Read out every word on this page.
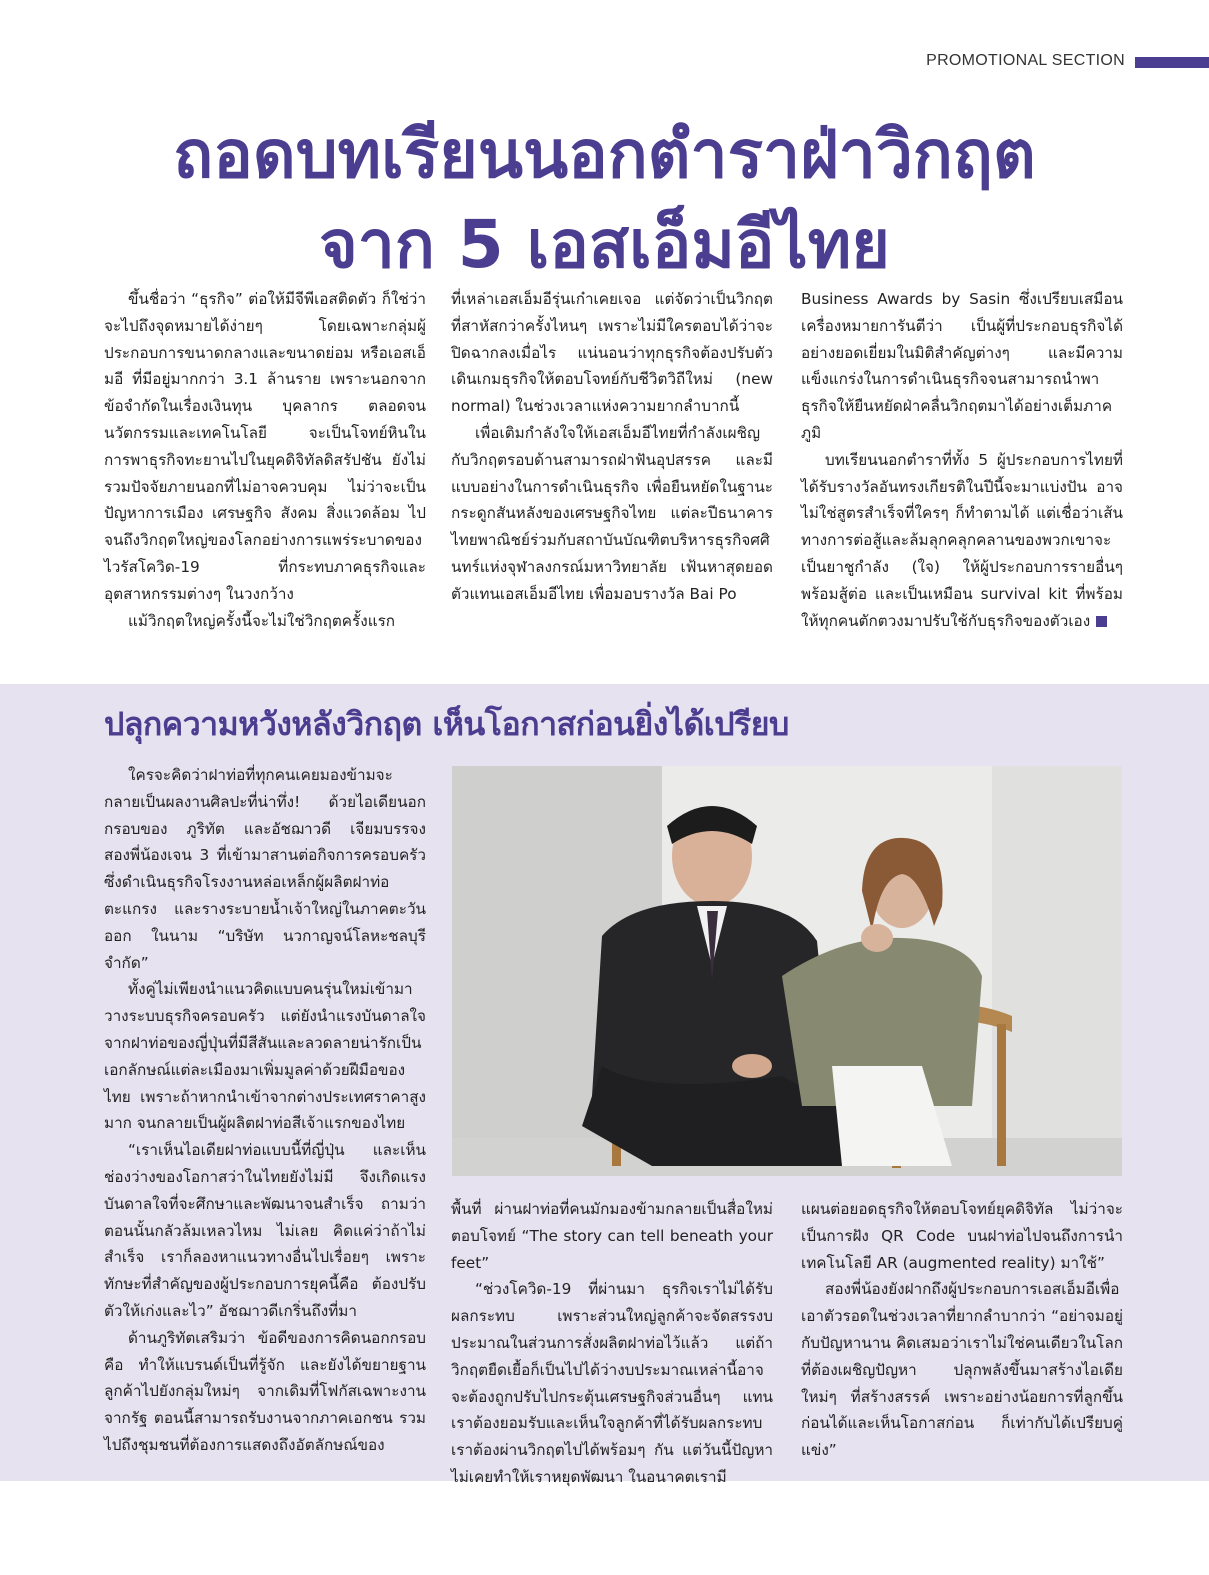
PROMOTIONAL SECTION
ถอดบทเรียนนอกตำราฝ่าวิกฤต
จาก 5 เอสเอ็มอีไทย

ขึ้นชื่อว่า “ธุรกิจ” ต่อให้มีจีพีเอสติดตัว ก็ใช่ว่าจะไปถึงจุดหมายได้ง่ายๆ โดยเฉพาะกลุ่มผู้ประกอบการขนาดกลางและขนาดย่อม หรือเอสเอ็มอี ที่มีอยู่มากกว่า 3.1 ล้านราย เพราะนอกจากข้อจำกัดในเรื่องเงินทุน บุคลากร ตลอดจนนวัตกรรมและเทคโนโลยี จะเป็นโจทย์หินในการพาธุรกิจทะยานไปในยุคดิจิทัลดิสรัปชัน ยังไม่รวมปัจจัยภายนอกที่ไม่อาจควบคุม ไม่ว่าจะเป็นปัญหาการเมือง เศรษฐกิจ สังคม สิ่งแวดล้อม ไปจนถึงวิกฤตใหญ่ของโลกอย่างการแพร่ระบาดของไวรัสโควิด-19 ที่กระทบภาคธุรกิจและอุตสาหกรรมต่างๆ ในวงกว้าง

แม้วิกฤตใหญ่ครั้งนี้จะไม่ใช่วิกฤตครั้งแรก

ที่เหล่าเอสเอ็มอีรุ่นเก๋าเคยเจอ แต่จัดว่าเป็นวิกฤตที่สาหัสกว่าครั้งไหนๆ เพราะไม่มีใครตอบได้ว่าจะปิดฉากลงเมื่อไร แน่นอนว่าทุกธุรกิจต้องปรับตัวเดินเกมธุรกิจให้ตอบโจทย์กับชีวิตวิถีใหม่ (new normal) ในช่วงเวลาแห่งความยากลำบากนี้

เพื่อเติมกำลังใจให้เอสเอ็มอีไทยที่กำลังเผชิญกับวิกฤตรอบด้านสามารถฝ่าฟันอุปสรรค และมีแบบอย่างในการดำเนินธุรกิจ เพื่อยืนหยัดในฐานะกระดูกสันหลังของเศรษฐกิจไทย แต่ละปีธนาคารไทยพาณิชย์ร่วมกับสถาบันบัณฑิตบริหารธุรกิจศศินทร์แห่งจุฬาลงกรณ์มหาวิทยาลัย เฟ้นหาสุดยอดตัวแทนเอสเอ็มอีไทย เพื่อมอบรางวัล Bai Po

Business Awards by Sasin ซึ่งเปรียบเสมือนเครื่องหมายการันตีว่า เป็นผู้ที่ประกอบธุรกิจได้อย่างยอดเยี่ยมในมิติสำคัญต่างๆ และมีความแข็งแกร่งในการดำเนินธุรกิจจนสามารถนำพาธุรกิจให้ยืนหยัดฝ่าคลื่นวิกฤตมาได้อย่างเต็มภาคภูมิ

บทเรียนนอกตำราที่ทั้ง 5 ผู้ประกอบการไทยที่ได้รับรางวัลอันทรงเกียรติในปีนี้จะมาแบ่งปัน อาจไม่ใช่สูตรสำเร็จที่ใครๆ ก็ทำตามได้ แต่เชื่อว่าเส้นทางการต่อสู้และล้มลุกคลุกคลานของพวกเขาจะเป็นยาชูกำลัง (ใจ) ให้ผู้ประกอบการรายอื่นๆ พร้อมสู้ต่อ และเป็นเหมือน survival kit ที่พร้อมให้ทุกคนตักตวงมาปรับใช้กับธุรกิจของตัวเอง

ปลุกความหวังหลังวิกฤต เห็นโอกาสก่อนยิ่งได้เปรียบ

ใครจะคิดว่าฝาท่อที่ทุกคนเคยมองข้ามจะกลายเป็นผลงานศิลปะที่น่าทึ่ง! ด้วยไอเดียนอกกรอบของ ภูริทัต และอัชฌาวดี เจียมบรรจงสองพี่น้องเจน 3 ที่เข้ามาสานต่อกิจการครอบครัว ซึ่งดำเนินธุรกิจโรงงานหล่อเหล็กผู้ผลิตฝาท่อตะแกรง และรางระบายน้ำเจ้าใหญ่ในภาคตะวันออก ในนาม “บริษัท นวกาญจน์โลหะชลบุรี จำกัด”

ทั้งคู่ไม่เพียงนำแนวคิดแบบคนรุ่นใหม่เข้ามาวางระบบธุรกิจครอบครัว แต่ยังนำแรงบันดาลใจจากฝาท่อของญี่ปุ่นที่มีสีสันและลวดลายน่ารักเป็นเอกลักษณ์แต่ละเมืองมาเพิ่มมูลค่าด้วยฝีมือของไทย เพราะถ้าหากนำเข้าจากต่างประเทศราคาสูงมาก จนกลายเป็นผู้ผลิตฝาท่อสีเจ้าแรกของไทย

“เราเห็นไอเดียฝาท่อแบบนี้ที่ญี่ปุ่น และเห็นช่องว่างของโอกาสว่าในไทยยังไม่มี จึงเกิดแรงบันดาลใจที่จะศึกษาและพัฒนาจนสำเร็จ ถามว่าตอนนั้นกลัวล้มเหลวไหม ไม่เลย คิดแค่ว่าถ้าไม่สำเร็จ เราก็ลองหาแนวทางอื่นไปเรื่อยๆ เพราะทักษะที่สำคัญของผู้ประกอบการยุคนี้คือ ต้องปรับตัวให้เก่งและไว” อัชฌาวดีเกริ่นถึงที่มา

ด้านภูริทัตเสริมว่า ข้อดีของการคิดนอกกรอบ คือ ทำให้แบรนด์เป็นที่รู้จัก และยังได้ขยายฐานลูกค้าไปยังกลุ่มใหม่ๆ จากเดิมที่โฟกัสเฉพาะงานจากรัฐ ตอนนี้สามารถรับงานจากภาคเอกชน รวมไปถึงชุมชนที่ต้องการแสดงถึงอัตลักษณ์ของ

พื้นที่ ผ่านฝาท่อที่คนมักมองข้ามกลายเป็นสื่อใหม่ตอบโจทย์ “The story can tell beneath your feet”

“ช่วงโควิด-19 ที่ผ่านมา ธุรกิจเราไม่ได้รับผลกระทบ เพราะส่วนใหญ่ลูกค้าจะจัดสรรงบประมาณในส่วนการสั่งผลิตฝาท่อไว้แล้ว แต่ถ้าวิกฤตยืดเยื้อก็เป็นไปได้ว่างบประมาณเหล่านี้อาจจะต้องถูกปรับไปกระตุ้นเศรษฐกิจส่วนอื่นๆ แทน เราต้องยอมรับและเห็นใจลูกค้าที่ได้รับผลกระทบ เราต้องผ่านวิกฤตไปได้พร้อมๆ กัน แต่วันนี้ปัญหาไม่เคยทำให้เราหยุดพัฒนา ในอนาคตเรามี

แผนต่อยอดธุรกิจให้ตอบโจทย์ยุคดิจิทัล ไม่ว่าจะเป็นการฝัง QR Code บนฝาท่อไปจนถึงการนำเทคโนโลยี AR (augmented reality) มาใช้”

สองพี่น้องยังฝากถึงผู้ประกอบการเอสเอ็มอีเพื่อเอาตัวรอดในช่วงเวลาที่ยากลำบากว่า “อย่าจมอยู่กับปัญหานาน คิดเสมอว่าเราไม่ใช่คนเดียวในโลกที่ต้องเผชิญปัญหา ปลุกพลังขึ้นมาสร้างไอเดียใหม่ๆ ที่สร้างสรรค์ เพราะอย่างน้อยการที่ลูกขึ้นก่อนได้และเห็นโอกาสก่อน ก็เท่ากับได้เปรียบคู่แข่ง”
